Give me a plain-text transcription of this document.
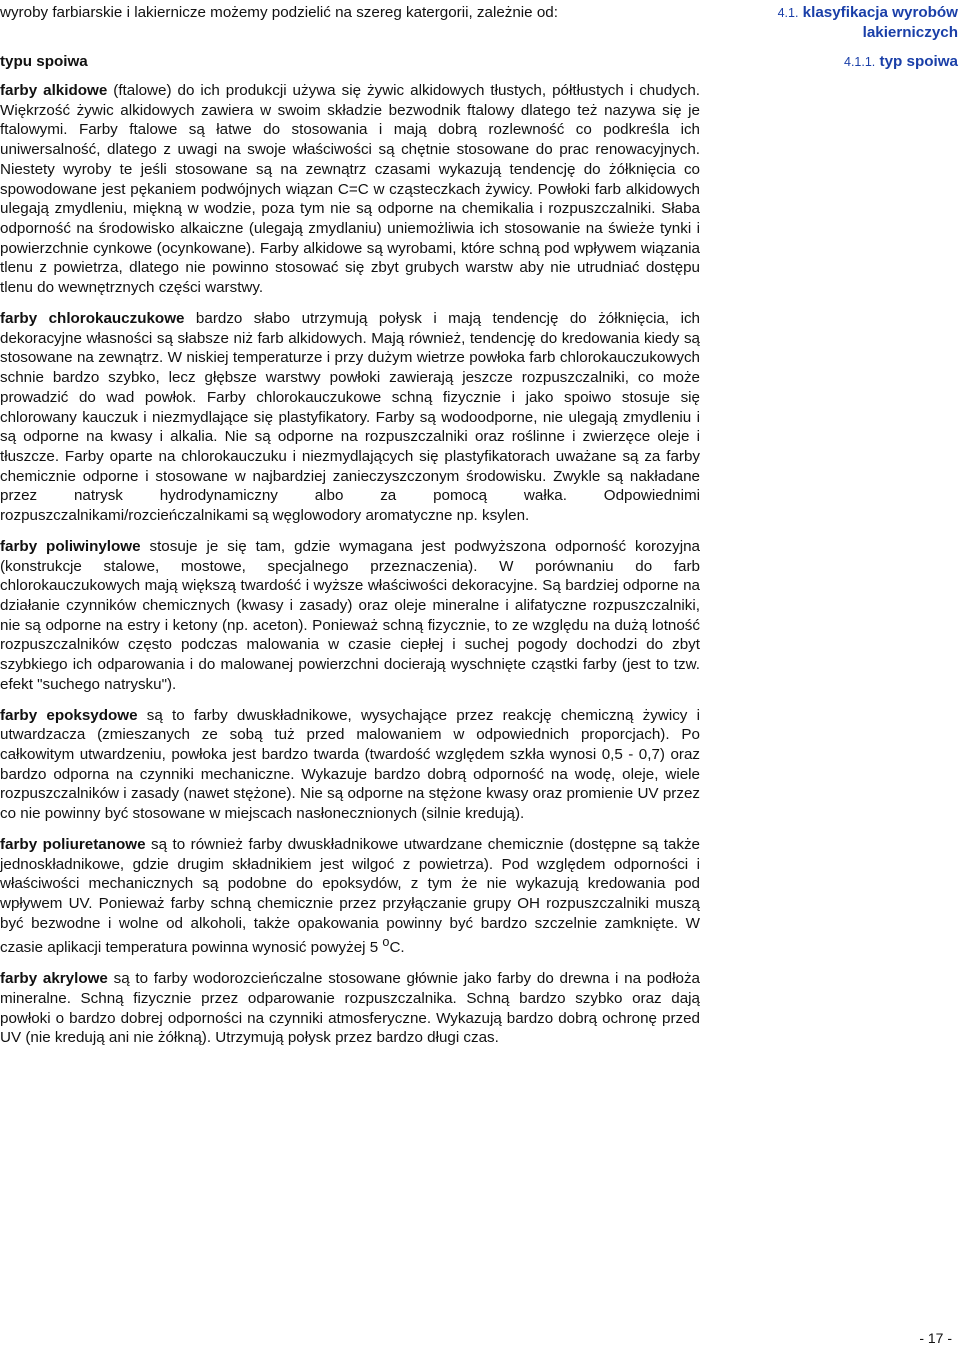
wyroby farbiarskie i lakiernicze możemy podzielić na szereg katergorii, zależnie od:	4.1. klasyfikacja wyrobów lakierniczych
typu spoiwa	4.1.1. typ spoiwa

farby alkidowe (ftalowe) do ich produkcji używa się żywic alkidowych tłustych, półtłustych i chudych. Więkrzość żywic alkidowych zawiera w swoim składzie bezwodnik ftalowy dlatego też nazywa się je ftalowymi. Farby ftalowe są łatwe do stosowania i mają dobrą rozlewność co podkreśla ich uniwersalność, dlatego z uwagi na swoje właściwości są chętnie stosowane do prac renowacyjnych. Niestety wyroby te jeśli stosowane są na zewnątrz czasami wykazują tendencję do żółknięcia co spowodowane jest pękaniem podwójnych wiązan C=C w cząsteczkach żywicy. Powłoki farb alkidowych ulegają zmydleniu, miękną w wodzie, poza tym nie są odporne na chemikalia i rozpuszczalniki. Słaba odporność na środowisko alkaiczne (ulegają zmydlaniu) uniemożliwia ich stosowanie na świeże tynki i powierzchnie cynkowe (ocynkowane). Farby alkidowe są wyrobami, które schną pod wpływem wiązania tlenu z powietrza, dlatego nie powinno stosować się zbyt grubych warstw aby nie utrudniać dostępu tlenu do wewnętrznych części warstwy.

farby chlorokauczukowe bardzo słabo utrzymują połysk i mają tendencję do żółknięcia, ich dekoracyjne własności są słabsze niż farb alkidowych. Mają również, tendencję do kredowania kiedy są stosowane na zewnątrz. W niskiej temperaturze i przy dużym wietrze powłoka farb chlorokauczukowych schnie bardzo szybko, lecz głębsze warstwy powłoki zawierają jeszcze rozpuszczalniki, co może prowadzić do wad powłok. Farby chlorokauczukowe schną fizycznie i jako spoiwo stosuje się chlorowany kauczuk i niezmydlające się plastyfikatory. Farby są wodoodporne, nie ulegają zmydleniu i są odporne na kwasy i alkalia. Nie są odporne na rozpuszczalniki oraz roślinne i zwierzęce oleje i tłuszcze. Farby oparte na chlorokauczuku i niezmydlających się plastyfikatorach uważane są za farby chemicznie odporne i stosowane w najbardziej zanieczyszczonym środowisku. Zwykle są nakładane przez natrysk hydrodynamiczny albo za pomocą wałka. Odpowiednimi rozpuszczalnikami/rozcieńczalnikami są węglowodory aromatyczne np. ksylen.

farby poliwinylowe stosuje je się tam, gdzie wymagana jest podwyższona odporność korozyjna (konstrukcje stalowe, mostowe, specjalnego przeznaczenia). W porównaniu do farb chlorokauczukowych mają większą twardość i wyższe właściwości dekoracyjne. Są bardziej odporne na działanie czynników chemicznych (kwasy i zasady) oraz oleje mineralne i alifatyczne rozpuszczalniki, nie są odporne na estry i ketony (np. aceton). Ponieważ schną fizycznie, to ze względu na dużą lotność rozpuszczalników często podczas malowania w czasie ciepłej i suchej pogody dochodzi do zbyt szybkiego ich odparowania i do malowanej powierzchni docierają wyschnięte cząstki farby (jest to tzw. efekt "suchego natrysku").

farby epoksydowe są to farby dwuskładnikowe, wysychające przez reakcję chemiczną żywicy i utwardzacza (zmieszanych ze sobą tuż przed malowaniem w odpowiednich proporcjach). Po całkowitym utwardzeniu, powłoka jest bardzo twarda (twardość względem szkła wynosi 0,5 - 0,7) oraz bardzo odporna na czynniki mechaniczne. Wykazuje bardzo dobrą odporność na wodę, oleje, wiele rozpuszczalników i zasady (nawet stężone). Nie są odporne na stężone kwasy oraz promienie UV przez co nie powinny być stosowane w miejscach nasłonecznionych (silnie kredują).

farby poliuretanowe są to również farby dwuskładnikowe utwardzane chemicznie (dostępne są także jednoskładnikowe, gdzie drugim składnikiem jest wilgoć z powietrza). Pod względem odporności i właściwości mechanicznych są podobne do epoksydów, z tym że nie wykazują kredowania pod wpływem UV. Ponieważ farby schną chemicznie przez przyłączanie grupy OH rozpuszczalniki muszą być bezwodne i wolne od alkoholi, także opakowania powinny być bardzo szczelnie zamknięte. W czasie aplikacji temperatura powinna wynosić powyżej 5 $^o$C.

farby akrylowe są to farby wodorozcieńczalne stosowane głównie jako farby do drewna i na podłoża mineralne. Schną fizycznie przez odparowanie rozpuszczalnika. Schną bardzo szybko oraz dają powłoki o bardzo dobrej odporności na czynniki atmosferyczne. Wykazują bardzo dobrą ochronę przed UV (nie kredują ani nie żółkną). Utrzymują połysk przez bardzo długi czas.

- 17 -
